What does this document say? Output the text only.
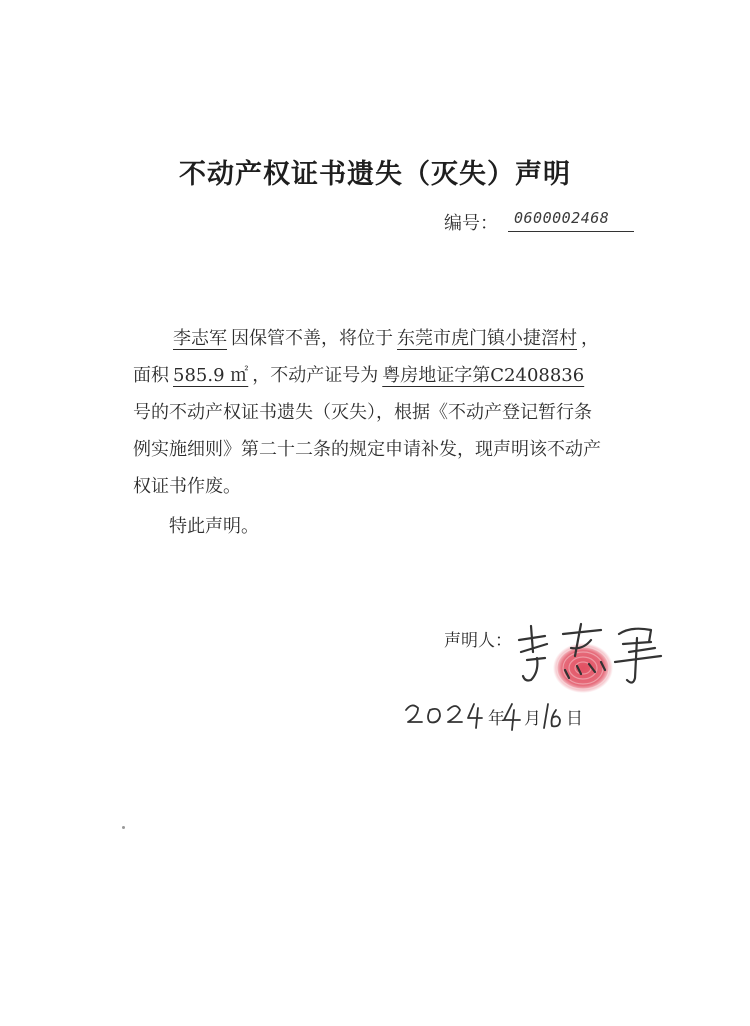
不动产权证书遗失（灭失）声明
编号： 0600002468
李志军 因保管不善，将位于 东莞市虎门镇小捷滘村 ，
面积 585.9 ㎡ ，不动产证号为 粤房地证字第C2408836
号的不动产权证书遗失（灭失），根据《不动产登记暂行条
例实施细则》第二十二条的规定申请补发，现声明该不动产
权证书作废。
特此声明。
声明人：
年 月 日
